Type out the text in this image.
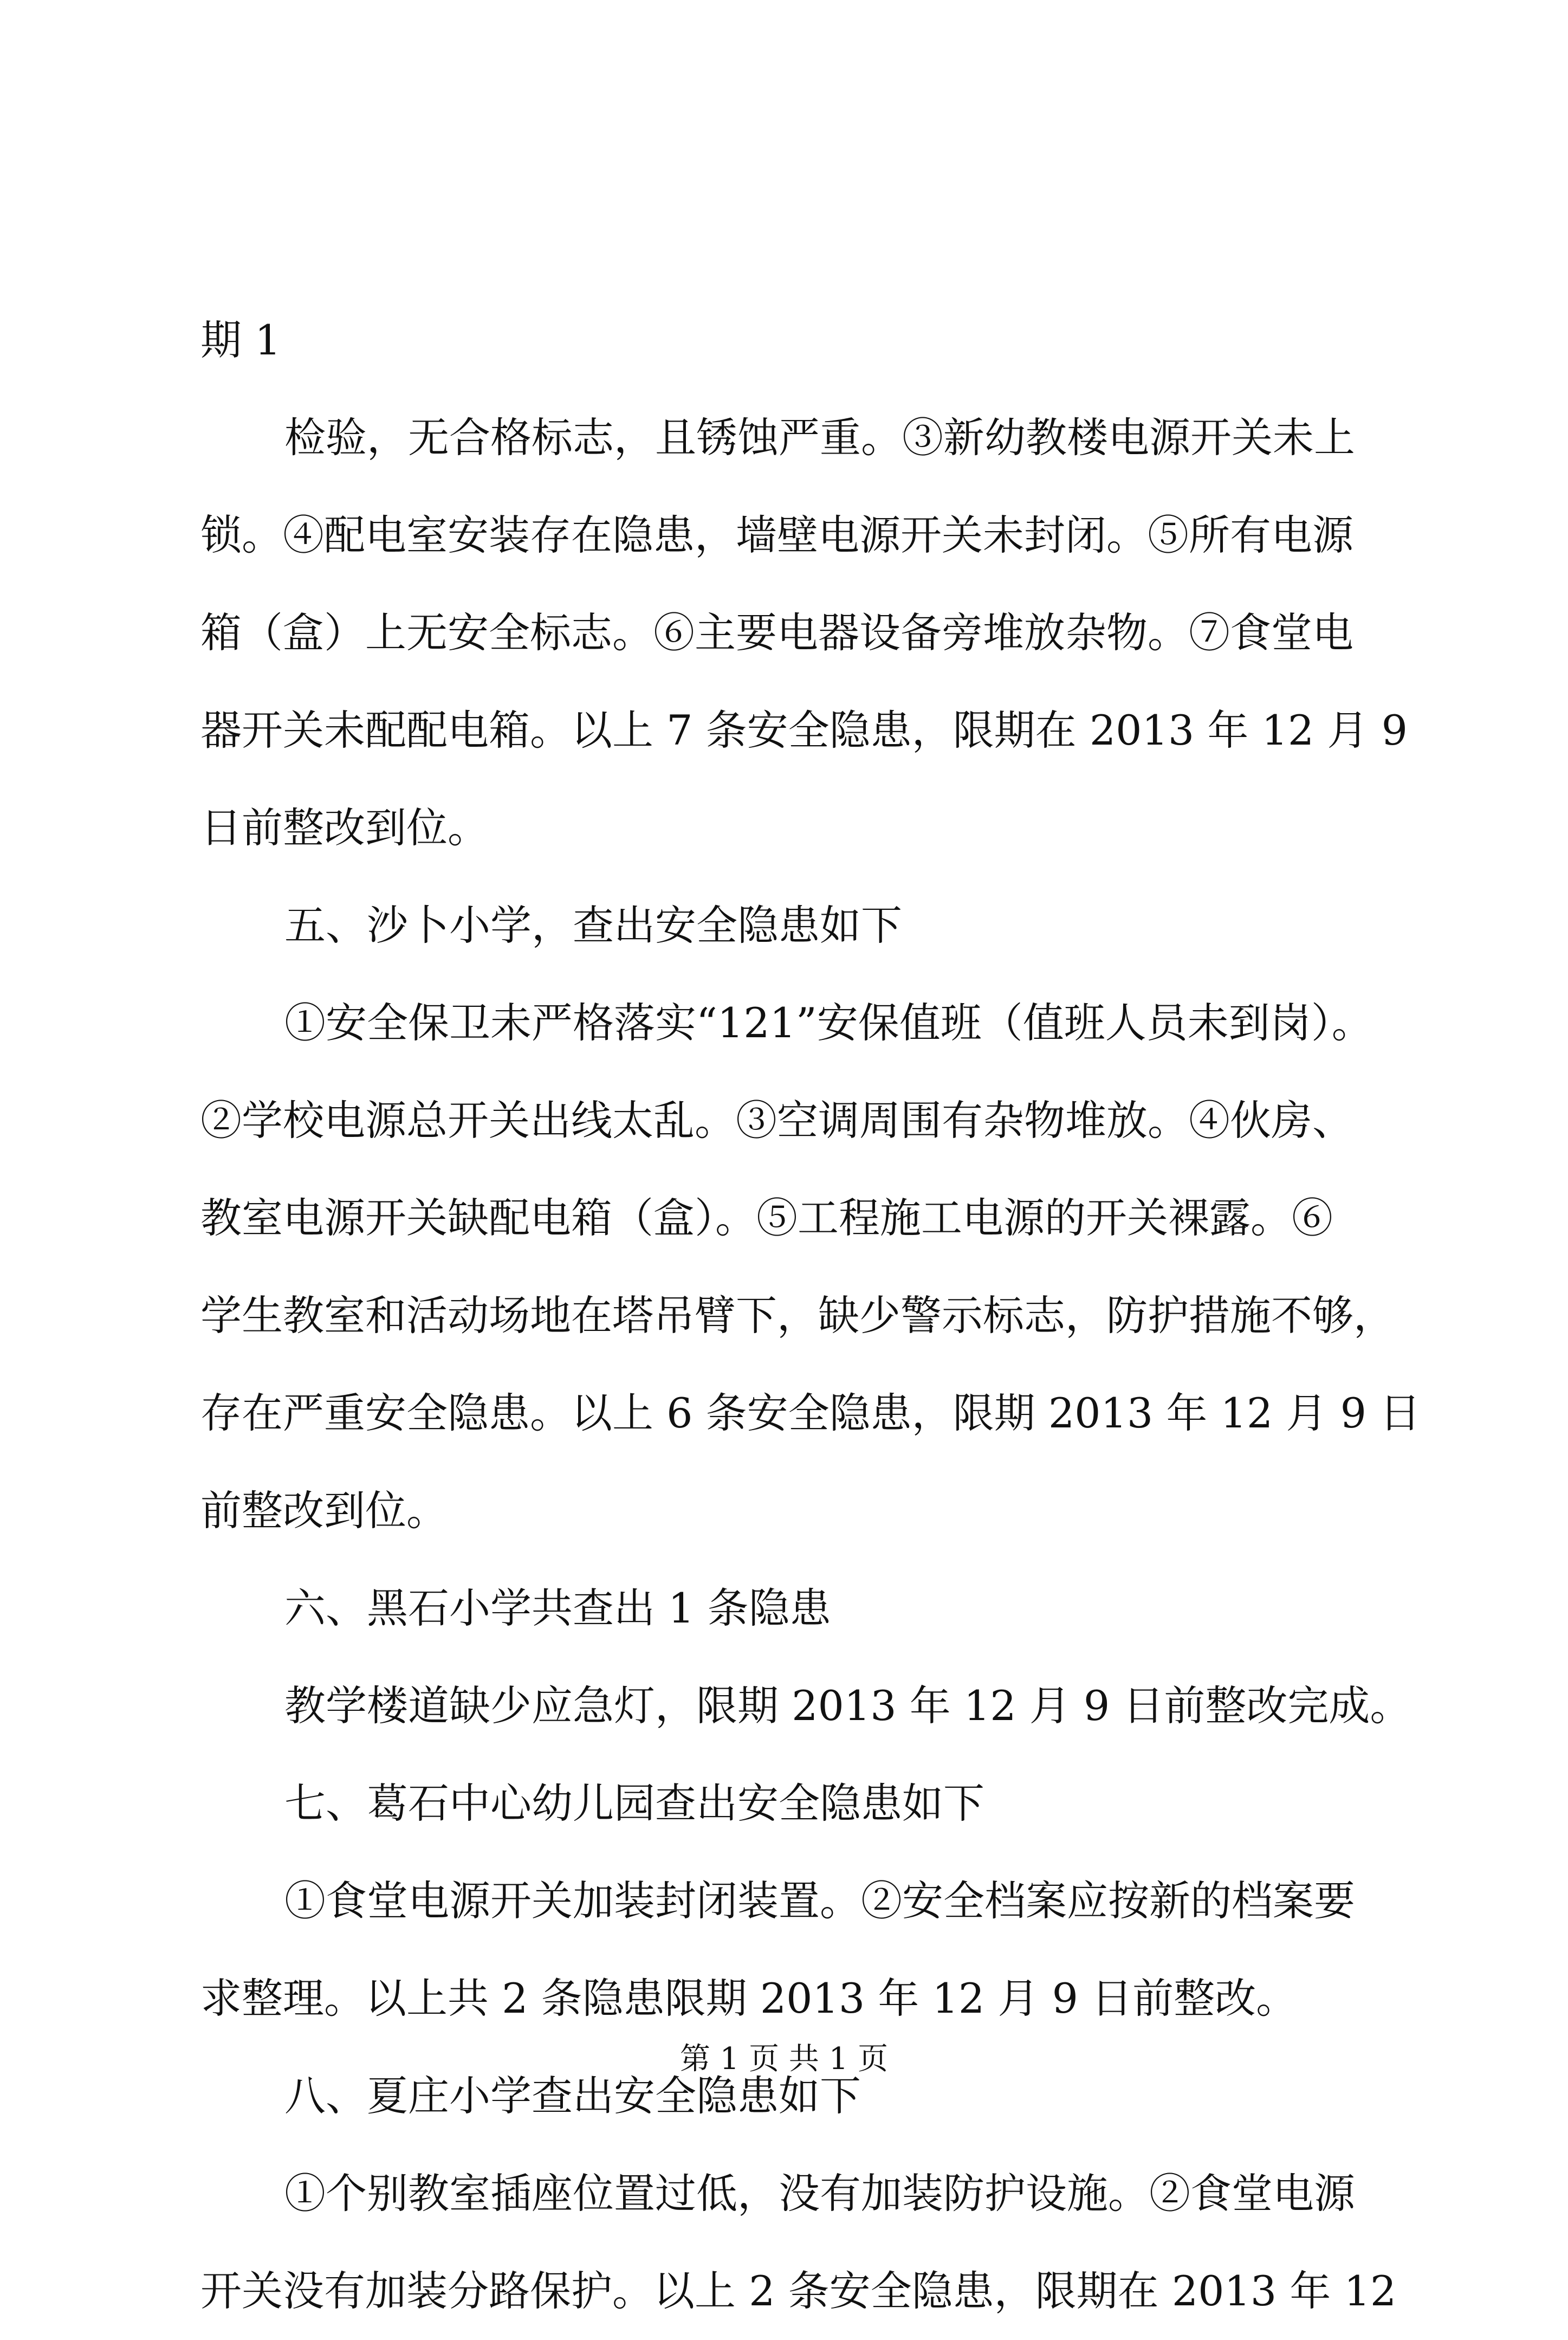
期 1
检验，无合格标志，且锈蚀严重。③新幼教楼电源开关未上
锁。④配电室安装存在隐患，墙壁电源开关未封闭。⑤所有电源
箱（盒）上无安全标志。⑥主要电器设备旁堆放杂物。⑦食堂电
器开关未配配电箱。以上 7 条安全隐患，限期在 2013 年 12 月 9
日前整改到位。
五、沙卜小学，查出安全隐患如下
①安全保卫未严格落实“121”安保值班（值班人员未到岗）。
②学校电源总开关出线太乱。③空调周围有杂物堆放。④伙房、
教室电源开关缺配电箱（盒）。⑤工程施工电源的开关裸露。⑥
学生教室和活动场地在塔吊臂下，缺少警示标志，防护措施不够，
存在严重安全隐患。以上 6 条安全隐患，限期 2013 年 12 月 9 日
前整改到位。
六、黑石小学共查出 1 条隐患
教学楼道缺少应急灯，限期 2013 年 12 月 9 日前整改完成。
七、葛石中心幼儿园查出安全隐患如下
①食堂电源开关加装封闭装置。②安全档案应按新的档案要
求整理。以上共 2 条隐患限期 2013 年 12 月 9 日前整改。
八、夏庄小学查出安全隐患如下
①个别教室插座位置过低，没有加装防护设施。②食堂电源
开关没有加装分路保护。以上 2 条安全隐患，限期在 2013 年 12
第 1 页 共 1 页
